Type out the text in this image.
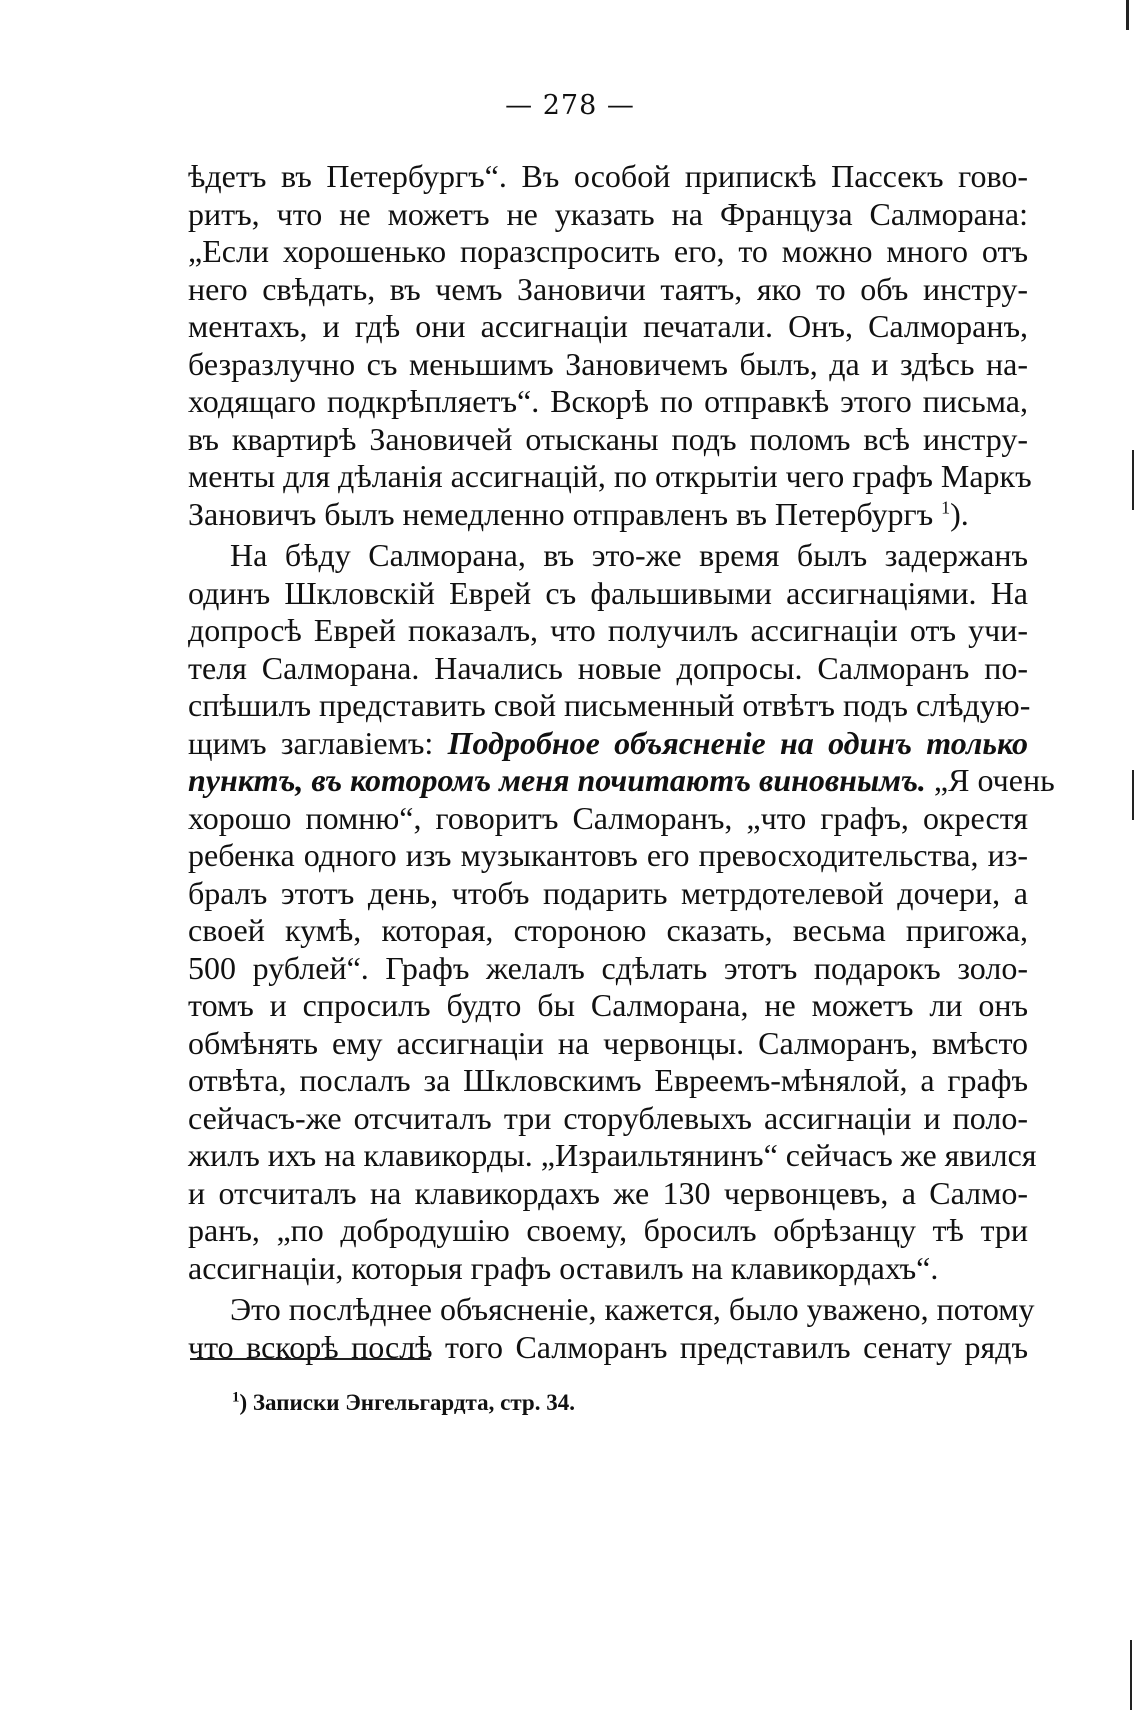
— 278 —
ѣдетъ въ Петербургъ“. Въ особой припискѣ Пассекъ гово-
ритъ, что не можетъ не указать на Француза Салморана:
„Если хорошенько поразспросить его, то можно много отъ
него свѣдать, въ чемъ Зановичи таятъ, яко то объ инстру-
ментахъ, и гдѣ они ассигнаціи печатали. Онъ, Салморанъ,
безразлучно съ меньшимъ Зановичемъ былъ, да и здѣсь на-
ходящаго подкрѣпляетъ“. Вскорѣ по отправкѣ этого письма,
въ квартирѣ Зановичей отысканы подъ поломъ всѣ инстру-
менты для дѣланія ассигнацій, по открытіи чего графъ Маркъ
Зановичъ былъ немедленно отправленъ въ Петербургъ $^1$).
На бѣду Салморана, въ это-же время былъ задержанъ
одинъ Шкловскій Еврей съ фальшивыми ассигнаціями. На
допросѣ Еврей показалъ, что получилъ ассигнаціи отъ учи-
теля Салморана. Начались новые допросы. Салморанъ по-
спѣшилъ представить свой письменный отвѣтъ подъ слѣдую-
щимъ заглавіемъ: Подробное объясненіе на одинъ только
пунктъ, въ которомъ меня почитаютъ виновнымъ. „Я очень
хорошо помню“, говоритъ Салморанъ, „что графъ, окрестя
ребенка одного изъ музыкантовъ его превосходительства, из-
бралъ этотъ день, чтобъ подарить метрдотелевой дочери, а
своей кумѣ, которая, стороною сказать, весьма пригожа,
500 рублей“. Графъ желалъ сдѣлать этотъ подарокъ золо-
томъ и спросилъ будто бы Салморана, не можетъ ли онъ
обмѣнять ему ассигнаціи на червонцы. Салморанъ, вмѣсто
отвѣта, послалъ за Шкловскимъ Евреемъ-мѣнялой, а графъ
сейчасъ-же отсчиталъ три сторублевыхъ ассигнаціи и поло-
жилъ ихъ на клавикорды. „Израильтянинъ“ сейчасъ же явился
и отсчиталъ на клавикордахъ же 130 червонцевъ, а Салмо-
ранъ, „по добродушію своему, бросилъ обрѣзанцу тѣ три
ассигнаціи, которыя графъ оставилъ на клавикордахъ“.
Это послѣднее объясненіе, кажется, было уважено, потому
что вскорѣ послѣ того Салморанъ представилъ сенату рядъ
$^1$) Записки Энгельгардта, стр. 34.
